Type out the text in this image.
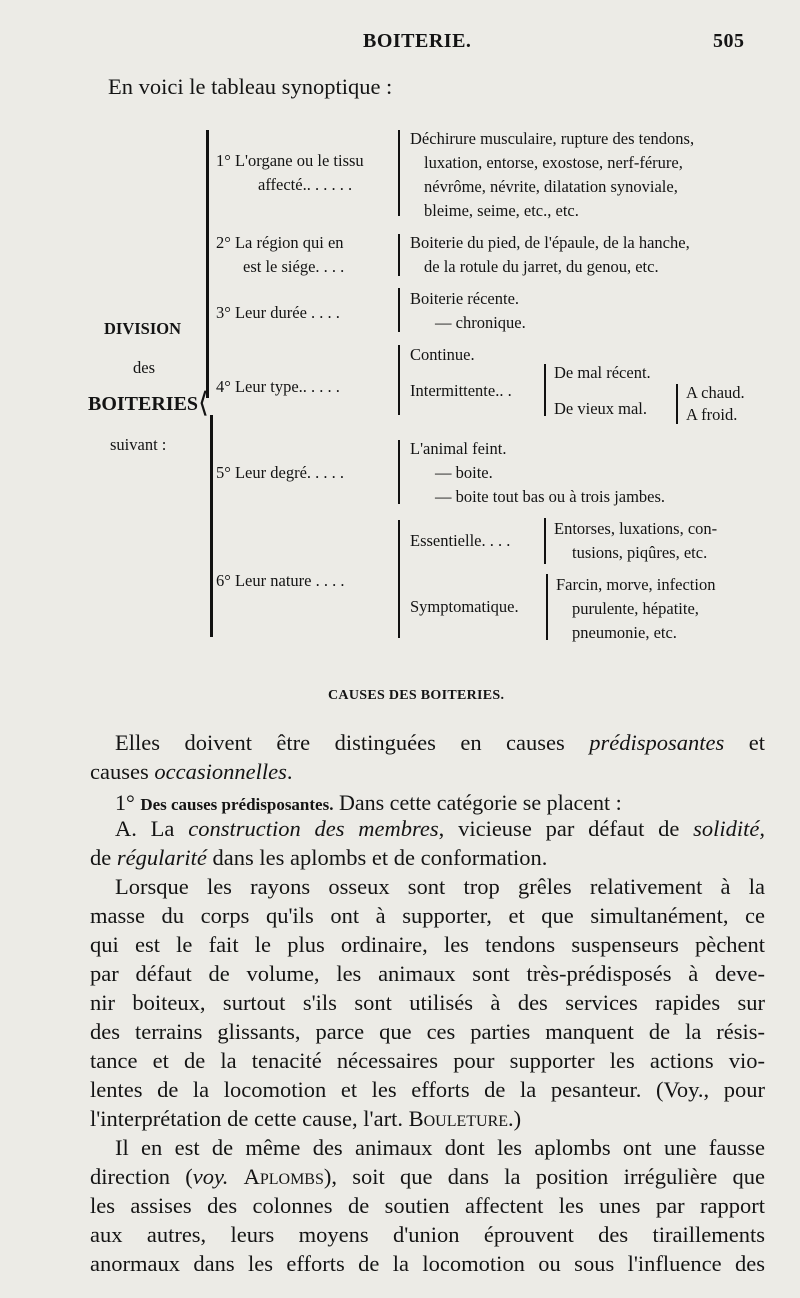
BOITERIE.	505
En voici le tableau synoptique :
DIVISION
des
BOITERIES
suivant :
⟨
1° L'organe ou le tissu
affecté.. . . . . .
Déchirure musculaire, rupture des tendons,
luxation, entorse, exostose, nerf-férure,
névrôme, névrite, dilatation synoviale,
bleime, seime, etc., etc.
2° La région qui en
est le siége. . . .
Boiterie du pied, de l'épaule, de la hanche,
de la rotule du jarret, du genou, etc.
3° Leur durée . . . .
Boiterie récente.
— chronique.
4° Leur type.. . . . .
Continue.
Intermittente.. .
De mal récent.
De vieux mal.
A chaud.
A froid.
5° Leur degré. . . . .
L'animal feint.
— boite.
— boite tout bas ou à trois jambes.
6° Leur nature . . . .
Essentielle. . . .
Entorses, luxations, con-
tusions, piqûres, etc.
Symptomatique.
Farcin, morve, infection
purulente, hépatite,
pneumonie, etc.
CAUSES DES BOITERIES.
Elles doivent être distinguées en causes prédisposantes et
causes occasionnelles.
1° Des causes prédisposantes. Dans cette catégorie se placent :
A. La construction des membres, vicieuse par défaut de solidité,
de régularité dans les aplombs et de conformation.
Lorsque les rayons osseux sont trop grêles relativement à la
masse du corps qu'ils ont à supporter, et que simultanément, ce
qui est le fait le plus ordinaire, les tendons suspenseurs pèchent
par défaut de volume, les animaux sont très-prédisposés à deve-
nir boiteux, surtout s'ils sont utilisés à des services rapides sur
des terrains glissants, parce que ces parties manquent de la résis-
tance et de la tenacité nécessaires pour supporter les actions vio-
lentes de la locomotion et les efforts de la pesanteur. (Voy., pour
l'interprétation de cette cause, l'art. Bouleture.)
Il en est de même des animaux dont les aplombs ont une fausse
direction (voy. Aplombs), soit que dans la position irrégulière que
les assises des colonnes de soutien affectent les unes par rapport
aux autres, leurs moyens d'union éprouvent des tiraillements
anormaux dans les efforts de la locomotion ou sous l'influence des
